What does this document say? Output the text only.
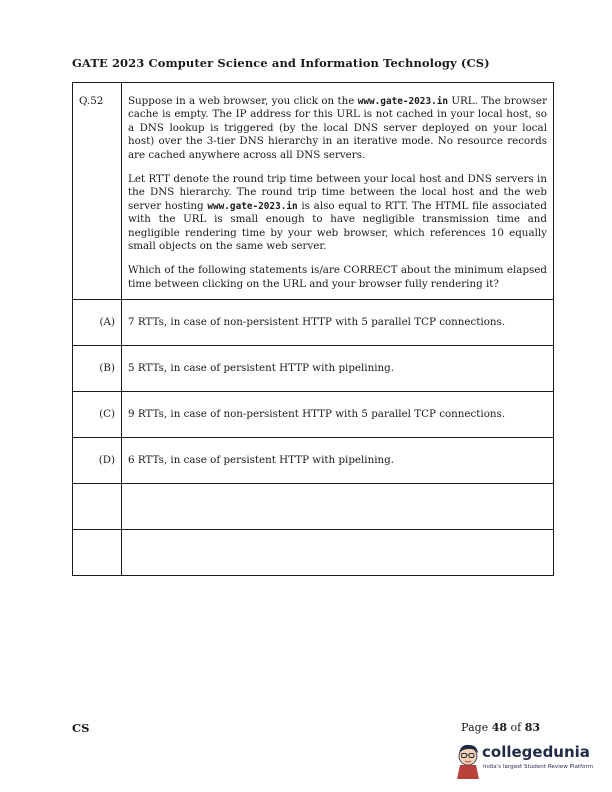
GATE 2023 Computer Science and Information Technology (CS)
Q.52	Suppose in a web browser, you click on the www.gate-2023.in URL. The browser cache is empty. The IP address for this URL is not cached in your local host, so a DNS lookup is triggered (by the local DNS server deployed on your local host) over the 3-tier DNS hierarchy in an iterative mode. No resource records are cached anywhere across all DNS servers.

Let RTT denote the round trip time between your local host and DNS servers in the DNS hierarchy. The round trip time between the local host and the web server hosting www.gate-2023.in is also equal to RTT. The HTML file associated with the URL is small enough to have negligible transmission time and negligible rendering time by your web browser, which references 10 equally small objects on the same web server.

Which of the following statements is/are CORRECT about the minimum elapsed time between clicking on the URL and your browser fully rendering it?

(A)	7 RTTs, in case of non-persistent HTTP with 5 parallel TCP connections.
(B)	5 RTTs, in case of persistent HTTP with pipelining.
(C)	9 RTTs, in case of non-persistent HTTP with 5 parallel TCP connections.
(D)	6 RTTs, in case of persistent HTTP with pipelining.

CS	Page 48 of 83
collegedunia
India's largest Student Review Platform
